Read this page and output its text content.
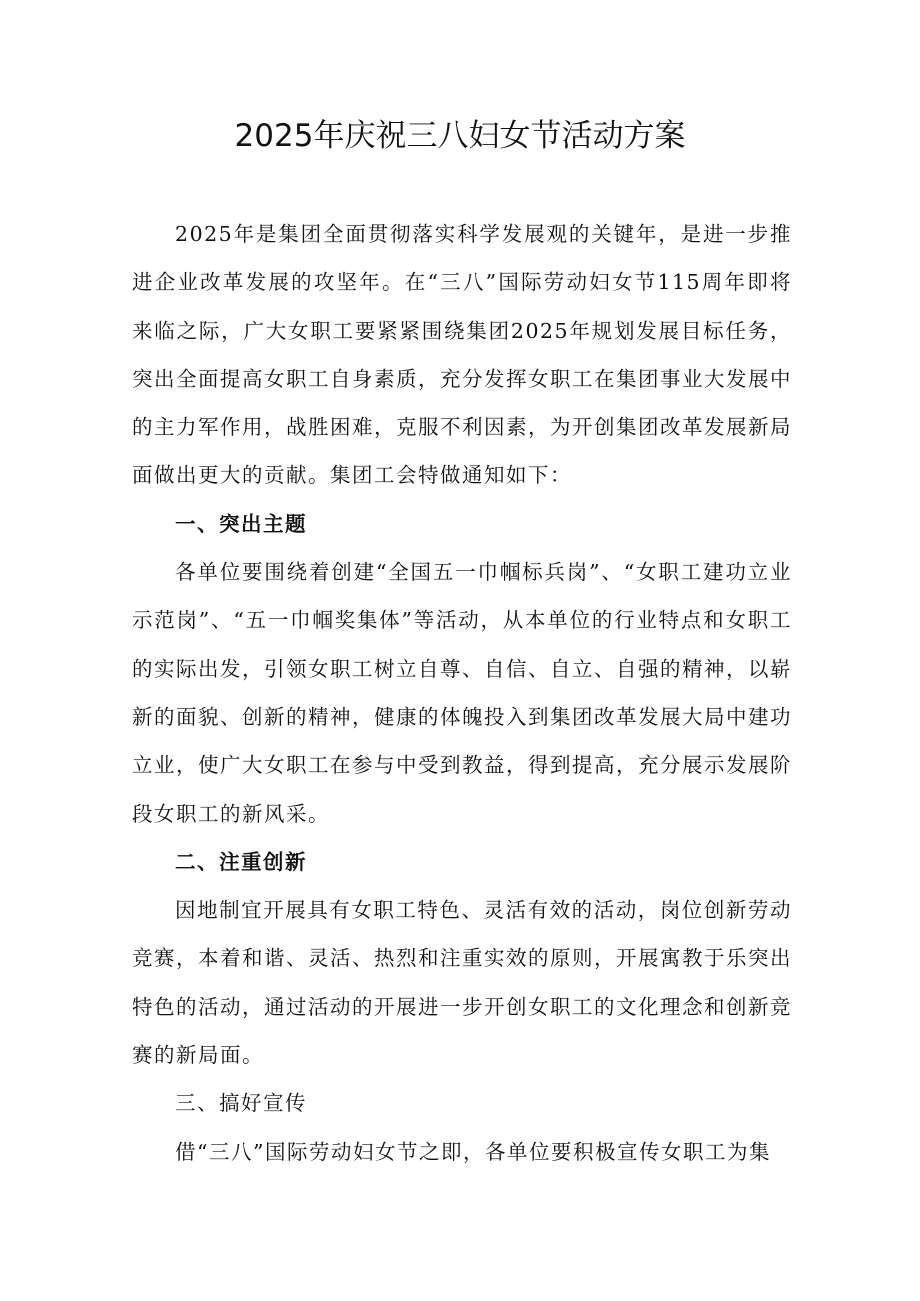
2025年庆祝三八妇女节活动方案

2025年是集团全面贯彻落实科学发展观的关键年，是进一步推进企业改革发展的攻坚年。在“三八”国际劳动妇女节115周年即将来临之际，广大女职工要紧紧围绕集团2025年规划发展目标任务，突出全面提高女职工自身素质，充分发挥女职工在集团事业大发展中的主力军作用，战胜困难，克服不利因素，为开创集团改革发展新局面做出更大的贡献。集团工会特做通知如下：

一、突出主题

各单位要围绕着创建“全国五一巾帼标兵岗”、“女职工建功立业示范岗”、“五一巾帼奖集体”等活动，从本单位的行业特点和女职工的实际出发，引领女职工树立自尊、自信、自立、自强的精神，以崭新的面貌、创新的精神，健康的体魄投入到集团改革发展大局中建功立业，使广大女职工在参与中受到教益，得到提高，充分展示发展阶段女职工的新风采。

二、注重创新

因地制宜开展具有女职工特色、灵活有效的活动，岗位创新劳动竞赛，本着和谐、灵活、热烈和注重实效的原则，开展寓教于乐突出特色的活动，通过活动的开展进一步开创女职工的文化理念和创新竞赛的新局面。

三、搞好宣传

借“三八”国际劳动妇女节之即，各单位要积极宣传女职工为集
